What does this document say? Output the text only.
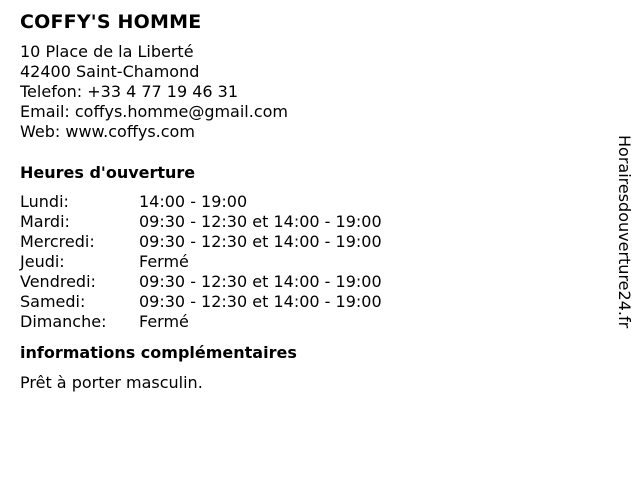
COFFY'S HOMME
10 Place de la Liberté
42400 Saint-Chamond
Telefon: +33 4 77 19 46 31
Email: coffys.homme@gmail.com
Web: www.coffys.com
Heures d'ouverture
Lundi:	14:00 - 19:00
Mardi:	09:30 - 12:30 et 14:00 - 19:00
Mercredi:	09:30 - 12:30 et 14:00 - 19:00
Jeudi:	Fermé
Vendredi:	09:30 - 12:30 et 14:00 - 19:00
Samedi:	09:30 - 12:30 et 14:00 - 19:00
Dimanche:	Fermé
informations complémentaires
Prêt à porter masculin.
Horairesdouverture24.fr
